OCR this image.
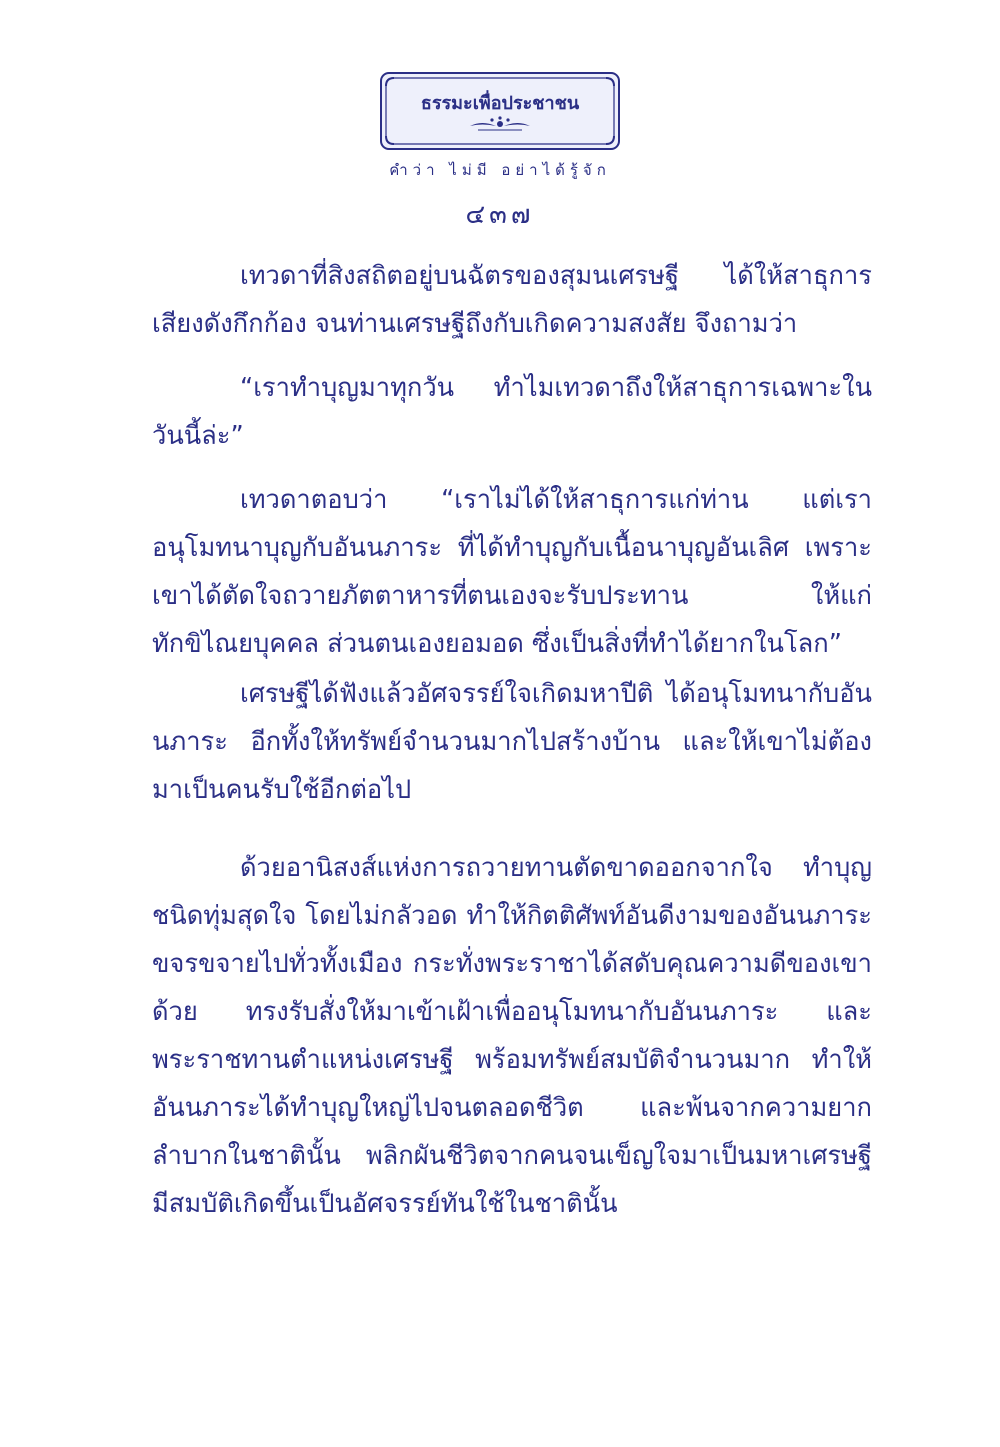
ธรรมะเพื่อประชาชน
คำว่า ไม่มี อย่าได้รู้จัก
๔๓๗

เทวดาที่สิงสถิตอยู่บนฉัตรของสุมนเศรษฐี ได้ให้สาธุการเสียงดังกึกก้อง จนท่านเศรษฐีถึงกับเกิดความสงสัย จึงถามว่า

“เราทำบุญมาทุกวัน ทำไมเทวดาถึงให้สาธุการเฉพาะในวันนี้ล่ะ”

เทวดาตอบว่า “เราไม่ได้ให้สาธุการแก่ท่าน แต่เราอนุโมทนาบุญกับอันนภาระ ที่ได้ทำบุญกับเนื้อนาบุญอันเลิศ เพราะเขาได้ตัดใจถวายภัตตาหารที่ตนเองจะรับประทาน ให้แก่ทักขิไณยบุคคล ส่วนตนเองยอมอด ซึ่งเป็นสิ่งที่ทำได้ยากในโลก”

เศรษฐีได้ฟังแล้วอัศจรรย์ใจเกิดมหาปีติ ได้อนุโมทนากับอันนภาระ อีกทั้งให้ทรัพย์จำนวนมากไปสร้างบ้าน และให้เขาไม่ต้องมาเป็นคนรับใช้อีกต่อไป

ด้วยอานิสงส์แห่งการถวายทานตัดขาดออกจากใจ ทำบุญชนิดทุ่มสุดใจ โดยไม่กลัวอด ทำให้กิตติศัพท์อันดีงามของอันนภาระขจรขจายไปทั่วทั้งเมือง กระทั่งพระราชาได้สดับคุณความดีของเขาด้วย ทรงรับสั่งให้มาเข้าเฝ้าเพื่ออนุโมทนากับอันนภาระ และพระราชทานตำแหน่งเศรษฐี พร้อมทรัพย์สมบัติจำนวนมาก ทำให้อันนภาระได้ทำบุญใหญ่ไปจนตลอดชีวิต และพ้นจากความยากลำบากในชาตินั้น พลิกผันชีวิตจากคนจนเข็ญใจมาเป็นมหาเศรษฐี มีสมบัติเกิดขึ้นเป็นอัศจรรย์ทันใช้ในชาตินั้น
